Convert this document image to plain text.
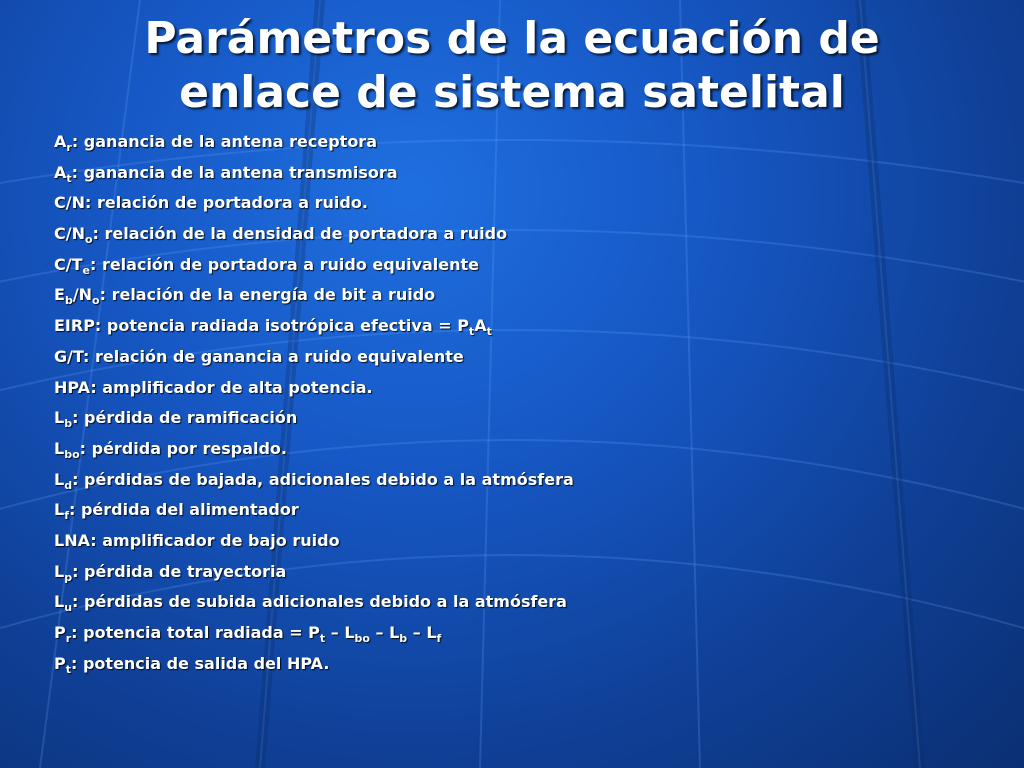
Parámetros de la ecuación de
enlace de sistema satelital
$A_r$: ganancia de la antena receptora
$A_t$: ganancia de la antena transmisora
C/N: relación de portadora a ruido.
$C/N_o$: relación de la densidad de portadora a ruido
$C/T_e$: relación de portadora a ruido equivalente
$E_b/N_o$: relación de la energía de bit a ruido
EIRP: potencia radiada isotrópica efectiva = $P_tA_t$
G/T: relación de ganancia a ruido equivalente
HPA: amplificador de alta potencia.
$L_b$: pérdida de ramificación
$L_{bo}$: pérdida por respaldo.
$L_d$: pérdidas de bajada, adicionales debido a la atmósfera
$L_f$: pérdida del alimentador
LNA: amplificador de bajo ruido
$L_p$: pérdida de trayectoria
$L_u$: pérdidas de subida adicionales debido a la atmósfera
$P_r$: potencia total radiada = $P_t - L_{bo} - L_b - L_f$
$P_t$: potencia de salida del HPA.
